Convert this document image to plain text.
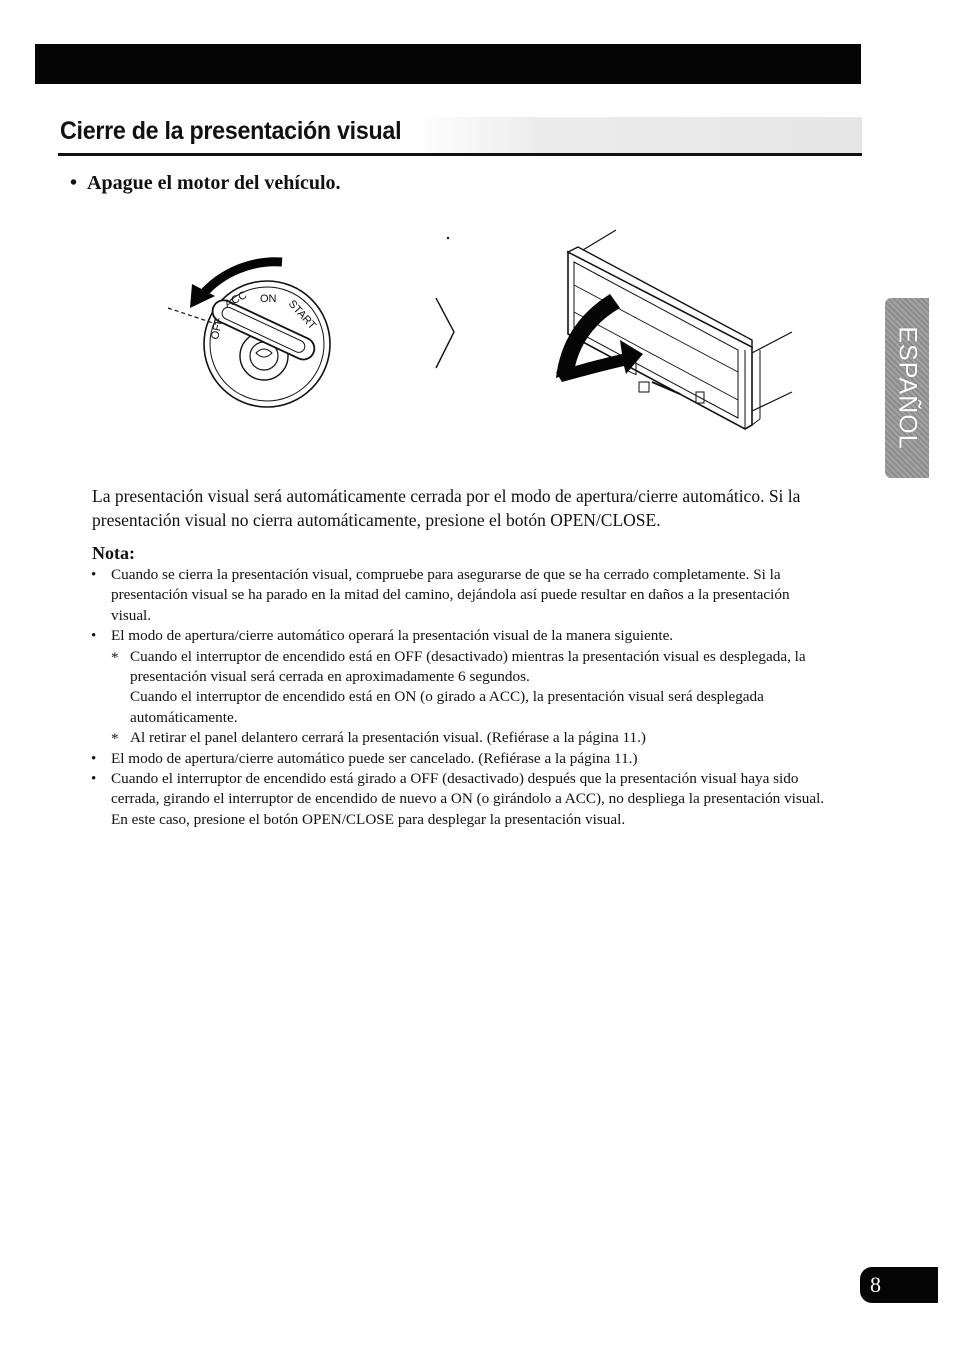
Cierre de la presentación visual

• Apague el motor del vehículo.

ON START
ACC
OFF	ESPAÑOL

La presentación visual será automáticamente cerrada por el modo de apertura/cierre automático. Si la presentación visual no cierra automáticamente, presione el botón OPEN/CLOSE.

Nota:

• Cuando se cierra la presentación visual, compruebe para asegurarse de que se ha cerrado completamente. Si la presentación visual se ha parado en la mitad del camino, dejándola así puede resultar en daños a la presentación visual.
• El modo de apertura/cierre automático operará la presentación visual de la manera siguiente.
* Cuando el interruptor de encendido está en OFF (desactivado) mientras la presentación visual es desplegada, la presentación visual será cerrada en aproximadamente 6 segundos.
Cuando el interruptor de encendido está en ON (o girado a ACC), la presentación visual será desplegada automáticamente.
* Al retirar el panel delantero cerrará la presentación visual. (Refiérase a la página 11.)
• El modo de apertura/cierre automático puede ser cancelado. (Refiérase a la página 11.)
• Cuando el interruptor de encendido está girado a OFF (desactivado) después que la presentación visual haya sido cerrada, girando el interruptor de encendido de nuevo a ON (o girándolo a ACC), no despliega la presentación visual. En este caso, presione el botón OPEN/CLOSE para desplegar la presentación visual.
8
